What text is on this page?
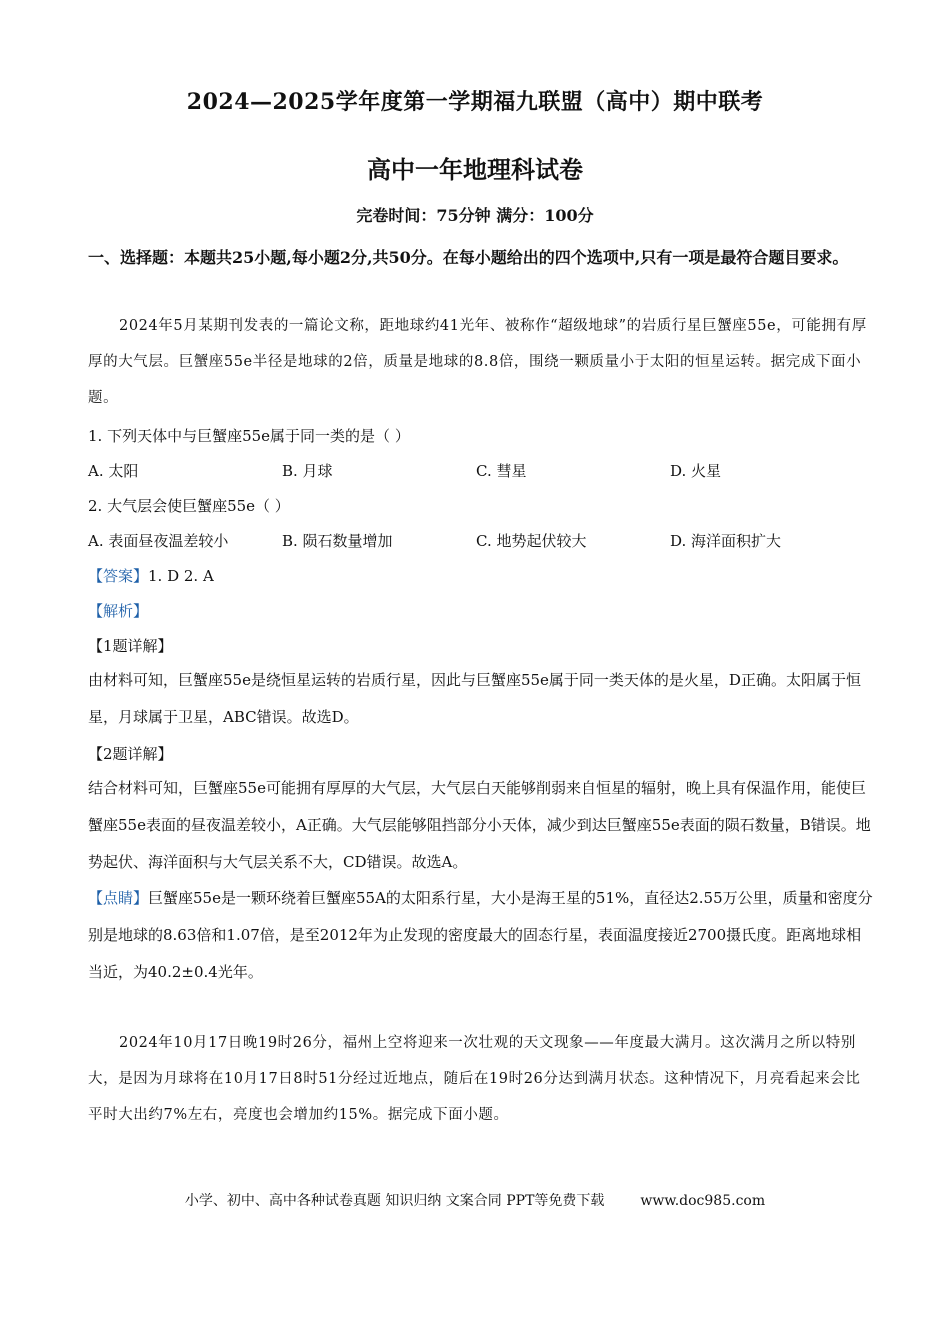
2024—2025学年度第一学期福九联盟（高中）期中联考
高中一年地理科试卷
完卷时间：75分钟 满分：100分
一、选择题：本题共25小题,每小题2分,共50分。在每小题给出的四个选项中,只有一项是最符合题目要求。
2024年5月某期刊发表的一篇论文称，距地球约41光年、被称作“超级地球”的岩质行星巨蟹座55e，可能拥有厚厚的大气层。巨蟹座55e半径是地球的2倍，质量是地球的8.8倍，围绕一颗质量小于太阳的恒星运转。据完成下面小题。
1. 下列天体中与巨蟹座55e属于同一类的是（ ）
A. 太阳	B. 月球	C. 彗星	D. 火星
2. 大气层会使巨蟹座55e（ ）
A. 表面昼夜温差较小	B. 陨石数量增加	C. 地势起伏较大	D. 海洋面积扩大
【答案】1. D 2. A
【解析】
【1题详解】
由材料可知，巨蟹座55e是绕恒星运转的岩质行星，因此与巨蟹座55e属于同一类天体的是火星，D正确。太阳属于恒星，月球属于卫星，ABC错误。故选D。
【2题详解】
结合材料可知，巨蟹座55e可能拥有厚厚的大气层，大气层白天能够削弱来自恒星的辐射，晚上具有保温作用，能使巨蟹座55e表面的昼夜温差较小，A正确。大气层能够阻挡部分小天体，减少到达巨蟹座55e表面的陨石数量，B错误。地势起伏、海洋面积与大气层关系不大，CD错误。故选A。
【点睛】巨蟹座55e是一颗环绕着巨蟹座55A的太阳系行星，大小是海王星的51%，直径达2.55万公里，质量和密度分别是地球的8.63倍和1.07倍，是至2012年为止发现的密度最大的固态行星，表面温度接近2700摄氏度。距离地球相当近，为40.2±0.4光年。
2024年10月17日晚19时26分，福州上空将迎来一次壮观的天文现象——年度最大满月。这次满月之所以特别大，是因为月球将在10月17日8时51分经过近地点，随后在19时26分达到满月状态。这种情况下，月亮看起来会比平时大出约7%左右，亮度也会增加约15%。据完成下面小题。
小学、初中、高中各种试卷真题 知识归纳 文案合同 PPT等免费下载	www.doc985.com
